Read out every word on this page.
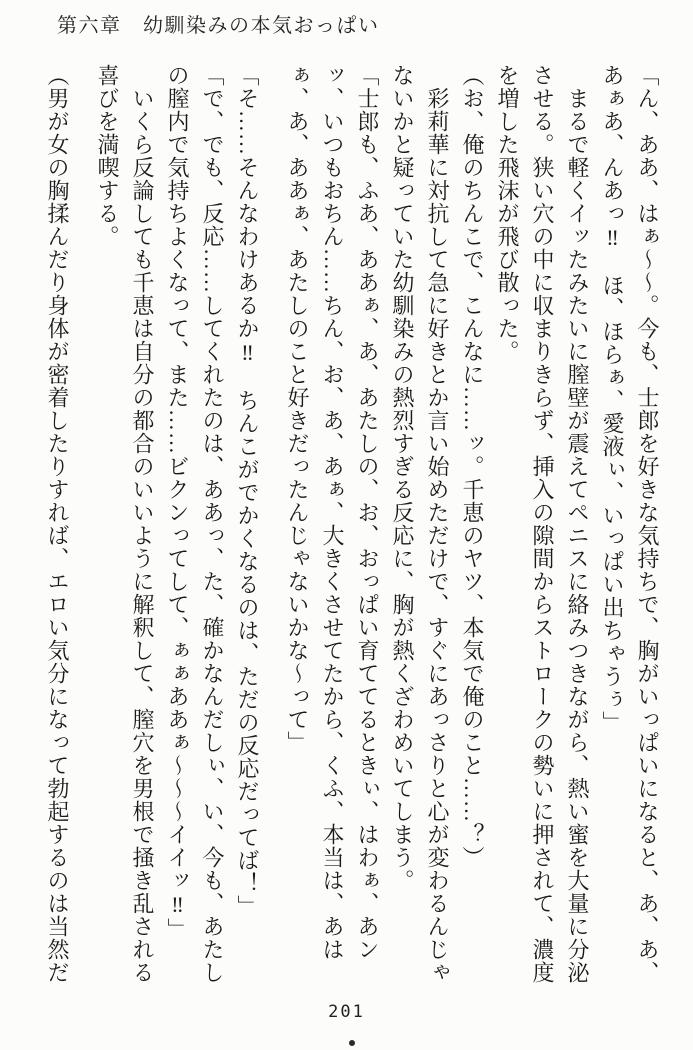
第六章　幼馴染みの本気おっぱい

「ん、ああ、はぁ～～。今も、士郎を好きな気持ちで、胸がいっぱいになると、あ、あ、あぁあ、んあっ‼　ほ、ほらぁ、愛液ぃ、いっぱい出ちゃうぅ」

まるで軽くイッたみたいに膣壁が震えてペニスに絡みつきながら、熱い蜜を大量に分泌させる。狭い穴の中に収まりきらず、挿入の隙間からストロークの勢いに押されて、濃度を増した飛沫が飛び散った。

（お、俺のちんこで、こんなに……ッ。千恵のヤツ、本気で俺のこと……？）

彩莉華に対抗して急に好きとか言い始めただけで、すぐにあっさりと心が変わるんじゃないかと疑っていた幼馴染みの熱烈すぎる反応に、胸が熱くざわめいてしまう。

「士郎も、ふあ、ああぁ、あ、あたしの、お、おっぱい育ててるときぃ、はわぁ、あンッ、いつもおちん……ちん、お、あ、あぁ、大きくさせてたから、くふ、本当は、あはぁ、あ、ああぁ、あたしのこと好きだったんじゃないかな～って」

「そ……そんなわけあるか‼　ちんこがでかくなるのは、ただの反応だってば！」

「で、でも、反応……してくれたのは、ああっ、た、確かなんだしぃ、い、今も、あたしの膣内で気持ちよくなって、また……ビクンってして、ぁぁああぁ～～～イイッ‼」

いくら反論しても千恵は自分の都合のいいように解釈して、膣穴を男根で掻き乱される喜びを満喫する。

（男が女の胸揉んだり身体が密着したりすれば、エロい気分になって勃起するのは当然だ

201
